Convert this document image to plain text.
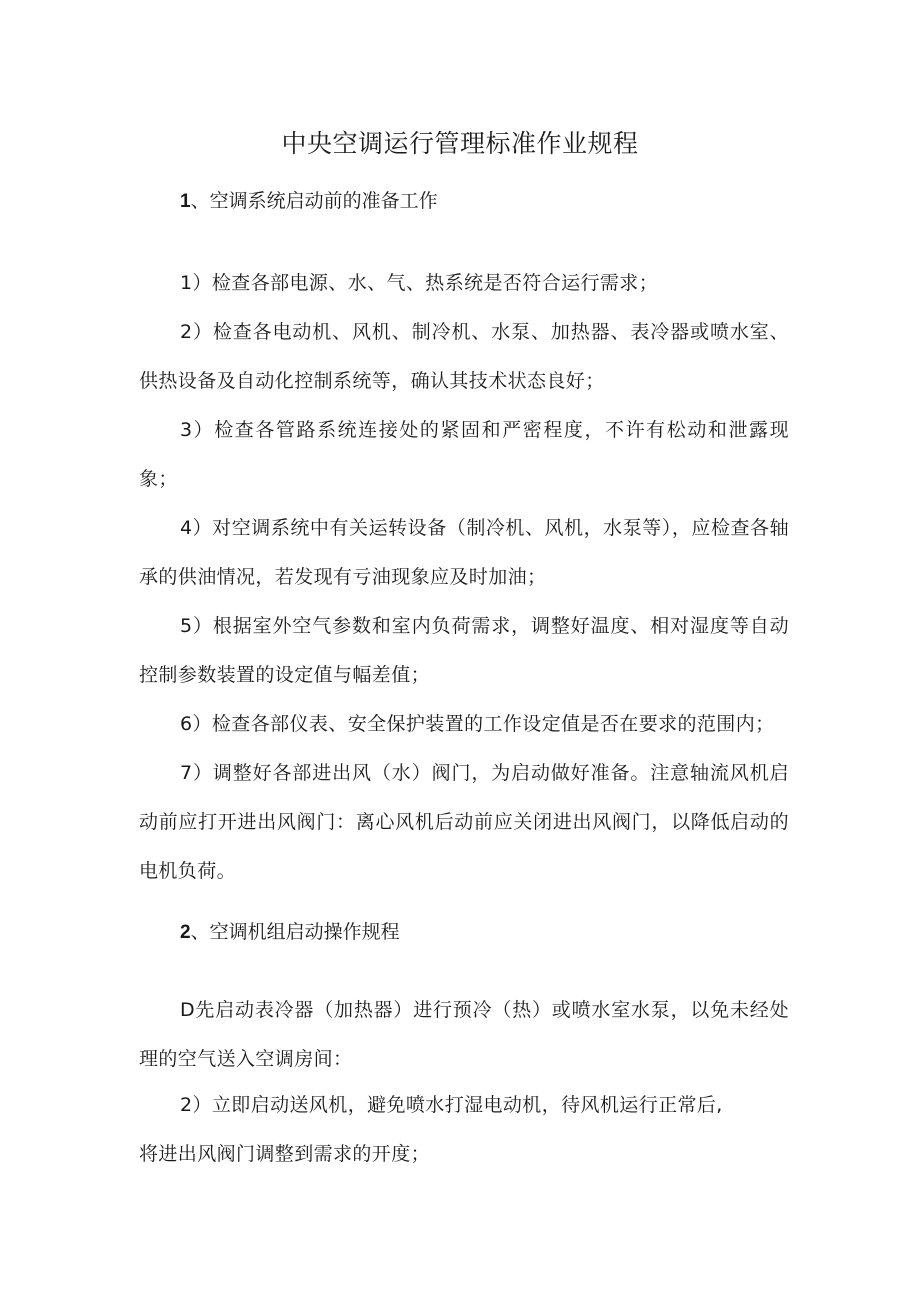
中央空调运行管理标准作业规程
1、空调系统启动前的准备工作

1）检查各部电源、水、气、热系统是否符合运行需求；

2）检查各电动机、风机、制冷机、水泵、加热器、表冷器或喷水室、供热设备及自动化控制系统等，确认其技术状态良好；

3）检查各管路系统连接处的紧固和严密程度，不许有松动和泄露现象；

4）对空调系统中有关运转设备（制冷机、风机，水泵等），应检查各轴承的供油情况，若发现有亏油现象应及时加油；

5）根据室外空气参数和室内负荷需求，调整好温度、相对湿度等自动控制参数装置的设定值与幅差值；

6）检查各部仪表、安全保护装置的工作设定值是否在要求的范围内；

7）调整好各部进出风（水）阀门，为启动做好准备。注意轴流风机启动前应打开进出风阀门：离心风机后动前应关闭进出风阀门，以降低启动的电机负荷。

2、空调机组启动操作规程

D先启动表冷器（加热器）进行预冷（热）或喷水室水泵，以免未经处理的空气送入空调房间：

2）立即启动送风机，避免喷水打湿电动机，待风机运行正常后,

将进出风阀门调整到需求的开度；
